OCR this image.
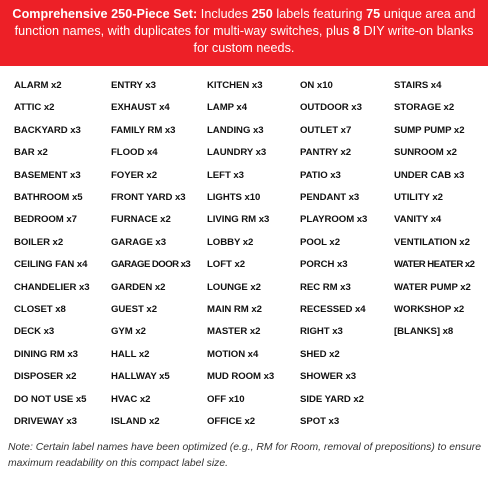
Comprehensive 250-Piece Set: Includes 250 labels featuring 75 unique area and function names, with duplicates for multi-way switches, plus 8 DIY write-on blanks for custom needs.
ALARM x2
ATTIC x2
BACKYARD x3
BAR x2
BASEMENT x3
BATHROOM x5
BEDROOM x7
BOILER x2
CEILING FAN x4
CHANDELIER x3
CLOSET x8
DECK x3
DINING RM x3
DISPOSER x2
DO NOT USE x5
DRIVEWAY x3
ENTRY x3
EXHAUST x4
FAMILY RM x3
FLOOD x4
FOYER x2
FRONT YARD x3
FURNACE x2
GARAGE x3
GARAGE DOOR x3
GARDEN x2
GUEST x2
GYM x2
HALL x2
HALLWAY x5
HVAC x2
ISLAND x2
KITCHEN x3
LAMP x4
LANDING x3
LAUNDRY x3
LEFT x3
LIGHTS x10
LIVING RM x3
LOBBY x2
LOFT x2
LOUNGE x2
MAIN RM x2
MASTER x2
MOTION x4
MUD ROOM x3
OFF x10
OFFICE x2
ON x10
OUTDOOR x3
OUTLET x7
PANTRY x2
PATIO x3
PENDANT x3
PLAYROOM x3
POOL x2
PORCH x3
REC RM x3
RECESSED x4
RIGHT x3
SHED x2
SHOWER x3
SIDE YARD x2
SPOT x3
STAIRS x4
STORAGE x2
SUMP PUMP x2
SUNROOM x2
UNDER CAB x3
UTILITY x2
VANITY x4
VENTILATION x2
WATER HEATER x2
WATER PUMP x2
WORKSHOP x2
[BLANKS] x8
Note: Certain label names have been optimized (e.g., RM for Room, removal of prepositions) to ensure maximum readability on this compact label size.
